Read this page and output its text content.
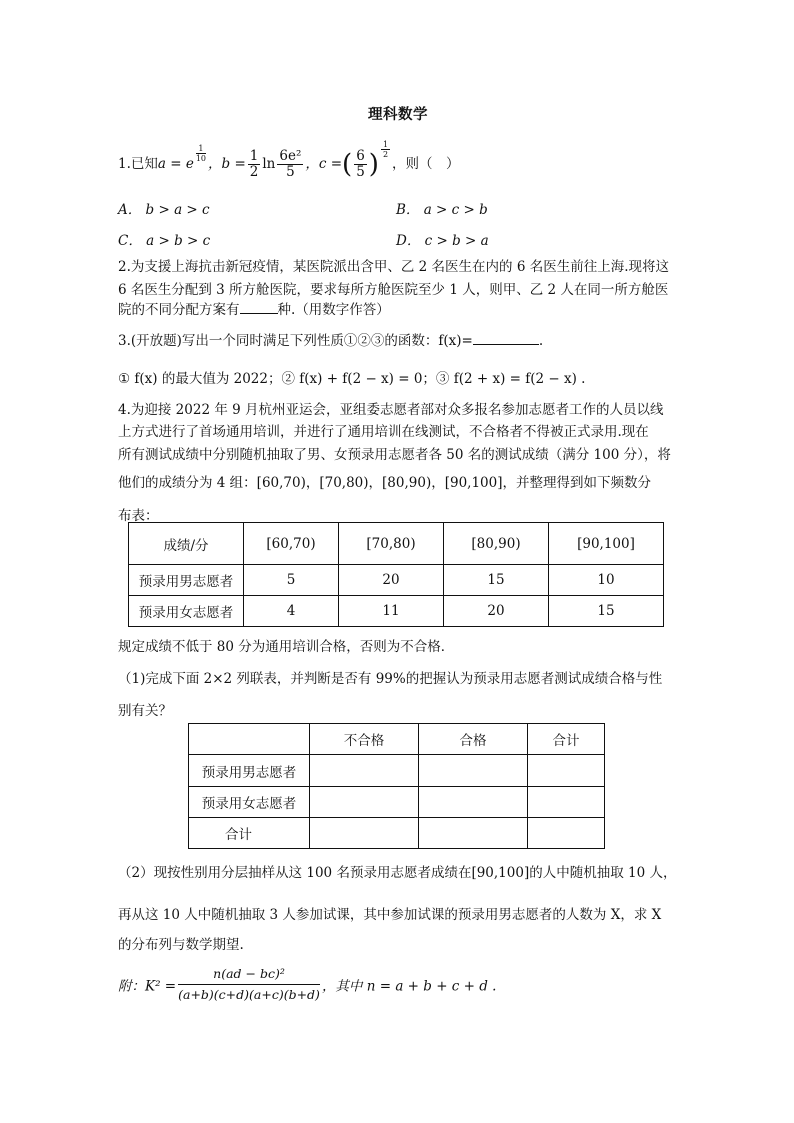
理科数学
1.已知a = e
$^{\frac{1}{10}}$
，$b = \frac{1}{2}$ $\ln \frac{\text{6e²}}{5}$ ，c =( $\frac{6}{5}$ ) $^{\frac{1}{2}}$
，则（　）
A． b > a > c	B． a > c > b
C． a > b > c	D． c > b > a
2.为支援上海抗击新冠疫情，某医院派出含甲、乙 2 名医生在内的 6 名医生前往上海.现将这
6 名医生分配到 3 所方舱医院，要求每所方舱医院至少 1 人，则甲、乙 2 人在同一所方舱医
院的不同分配方案有	种.（用数字作答）
3.(开放题)写出一个同时满足下列性质①②③的函数：f(x)=	.
① f(x) 的最大值为 2022；② f(x) + f(2 − x) = 0；③ f(2 + x) = f(2 − x) .
4.为迎接 2022 年 9 月杭州亚运会，亚组委志愿者部对众多报名参加志愿者工作的人员以线
上方式进行了首场通用培训，并进行了通用培训在线测试，不合格者不得被正式录用.现在
所有测试成绩中分别随机抽取了男、女预录用志愿者各 50 名的测试成绩（满分 100 分），将
他们的成绩分为 4 组：[60,70)，[70,80)，[80,90)，[90,100]，并整理得到如下频数分
布表：
成绩/分	[60,70)	[70,80)	[80,90)	[90,100]
预录用男志愿者	5	20	15	10
预录用女志愿者	4	11	20	15
规定成绩不低于 80 分为通用培训合格，否则为不合格．
（1)完成下面 2×2 列联表，并判断是否有 99%的把握认为预录用志愿者测试成绩合格与性
别有关？
	不合格	合格	合计
预录用男志愿者			
预录用女志愿者			
合计			
（2）现按性别用分层抽样从这 100 名预录用志愿者成绩在[90,100]的人中随机抽取 10 人，
再从这 10 人中随机抽取 3 人参加试课，其中参加试课的预录用男志愿者的人数为 X，求 X
的分布列与数学期望.
附：$K^2 = \frac{\text{n(ad − bc)²}}{(a+b)(c+d)(a+c)(b+d)}$ ，其中 n = a + b + c + d .
